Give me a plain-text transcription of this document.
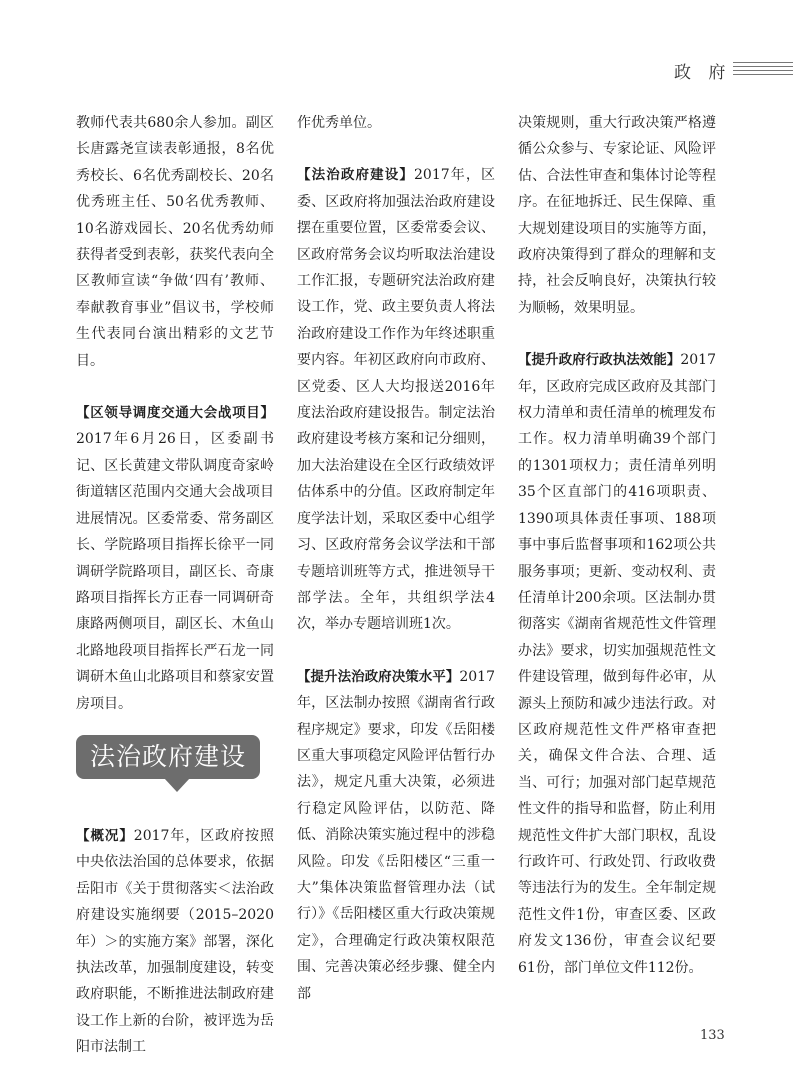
政 府

教师代表共680余人参加。副区长唐露尧宣读表彰通报，8名优秀校长、6名优秀副校长、20名优秀班主任、50名优秀教师、10名游戏园长、20名优秀幼师获得者受到表彰，获奖代表向全区教师宣读“争做‘四有’教师、奉献教育事业”倡议书，学校师生代表同台演出精彩的文艺节目。

【区领导调度交通大会战项目】2017年6月26日，区委副书记、区长黄建文带队调度奇家岭街道辖区范围内交通大会战项目进展情况。区委常委、常务副区长、学院路项目指挥长徐平一同调研学院路项目，副区长、奇康路项目指挥长方正春一同调研奇康路两侧项目，副区长、木鱼山北路地段项目指挥长严石龙一同调研木鱼山北路项目和蔡家安置房项目。

法治政府建设

【概况】2017年，区政府按照中央依法治国的总体要求，依据岳阳市《关于贯彻落实＜法治政府建设实施纲要（2015–2020年）＞的实施方案》部署，深化执法改革，加强制度建设，转变政府职能，不断推进法制政府建设工作上新的台阶，被评选为岳阳市法制工

作优秀单位。

【法治政府建设】2017年，区委、区政府将加强法治政府建设摆在重要位置，区委常委会议、区政府常务会议均听取法治建设工作汇报，专题研究法治政府建设工作，党、政主要负责人将法治政府建设工作作为年终述职重要内容。年初区政府向市政府、区党委、区人大均报送2016年度法治政府建设报告。制定法治政府建设考核方案和记分细则，加大法治建设在全区行政绩效评估体系中的分值。区政府制定年度学法计划，采取区委中心组学习、区政府常务会议学法和干部专题培训班等方式，推进领导干部学法。全年，共组织学法4次，举办专题培训班1次。

【提升法治政府决策水平】2017年，区法制办按照《湖南省行政程序规定》要求，印发《岳阳楼区重大事项稳定风险评估暂行办法》，规定凡重大决策，必须进行稳定风险评估，以防范、降低、消除决策实施过程中的涉稳风险。印发《岳阳楼区“三重一大”集体决策监督管理办法（试行）》《岳阳楼区重大行政决策规定》，合理确定行政决策权限范围、完善决策必经步骤、健全内部

决策规则，重大行政决策严格遵循公众参与、专家论证、风险评估、合法性审查和集体讨论等程序。在征地拆迁、民生保障、重大规划建设项目的实施等方面，政府决策得到了群众的理解和支持，社会反响良好，决策执行较为顺畅，效果明显。

【提升政府行政执法效能】2017年，区政府完成区政府及其部门权力清单和责任清单的梳理发布工作。权力清单明确39个部门的1301项权力；责任清单列明35个区直部门的416项职责、1390项具体责任事项、188项事中事后监督事项和162项公共服务事项；更新、变动权利、责任清单计200余项。区法制办贯彻落实《湖南省规范性文件管理办法》要求，切实加强规范性文件建设管理，做到每件必审，从源头上预防和减少违法行政。对区政府规范性文件严格审查把关，确保文件合法、合理、适当、可行；加强对部门起草规范性文件的指导和监督，防止利用规范性文件扩大部门职权，乱设行政许可、行政处罚、行政收费等违法行为的发生。全年制定规范性文件1份，审查区委、区政府发文136份，审查会议纪要61份，部门单位文件112份。

133
